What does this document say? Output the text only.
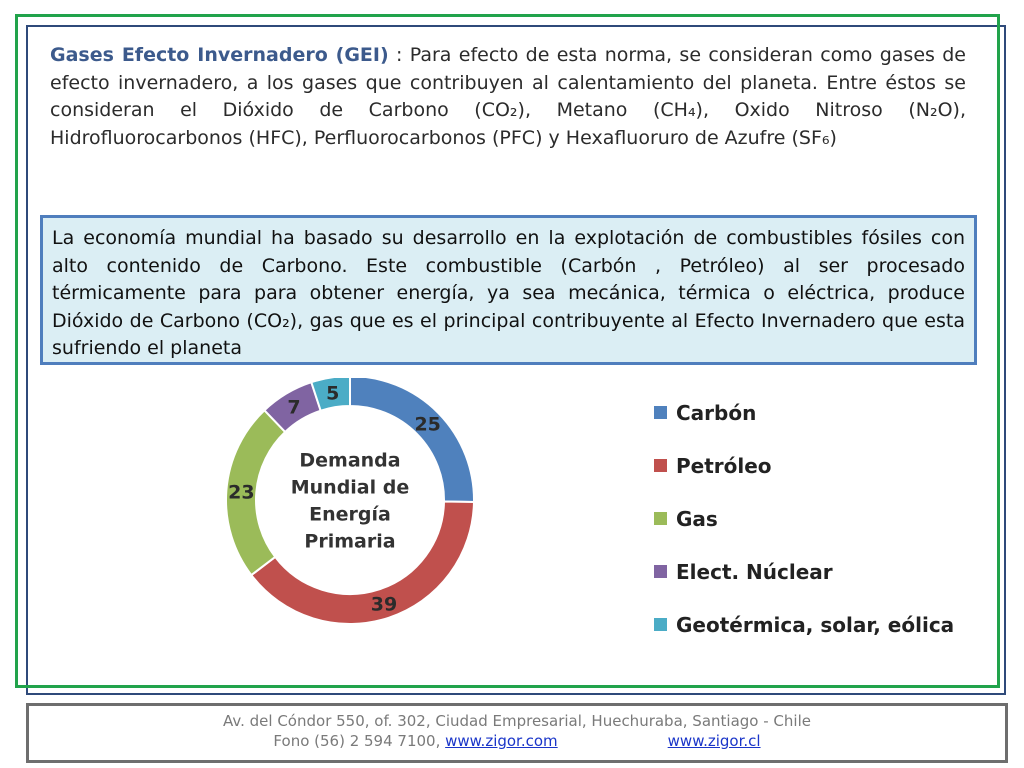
Gases Efecto Invernadero (GEI) : Para efecto de esta norma, se consideran como gases de efecto invernadero, a los gases que contribuyen al calentamiento del planeta. Entre éstos se consideran el Dióxido de Carbono (CO₂), Metano (CH₄), Oxido Nitroso (N₂O), Hidrofluorocarbonos (HFC), Perfluorocarbonos (PFC) y Hexafluoruro de Azufre (SF₆)

La economía mundial ha basado su desarrollo en la explotación de combustibles fósiles con alto contenido de Carbono. Este combustible (Carbón , Petróleo) al ser procesado térmicamente para para obtener energía, ya sea mecánica, térmica o eléctrica, produce Dióxido de Carbono (CO₂), gas que es el principal contribuyente al Efecto Invernadero que esta sufriendo el planeta

25
39
23
7
5
Demanda
Mundial de
Energía
Primaria
Carbón
Petróleo
Gas
Elect. Núclear
Geotérmica, solar, eólica
Av. del Cóndor 550, of. 302, Ciudad Empresarial, Huechuraba, Santiago - Chile
Fono (56) 2 594 7100, www.zigor.com	www.zigor.cl
